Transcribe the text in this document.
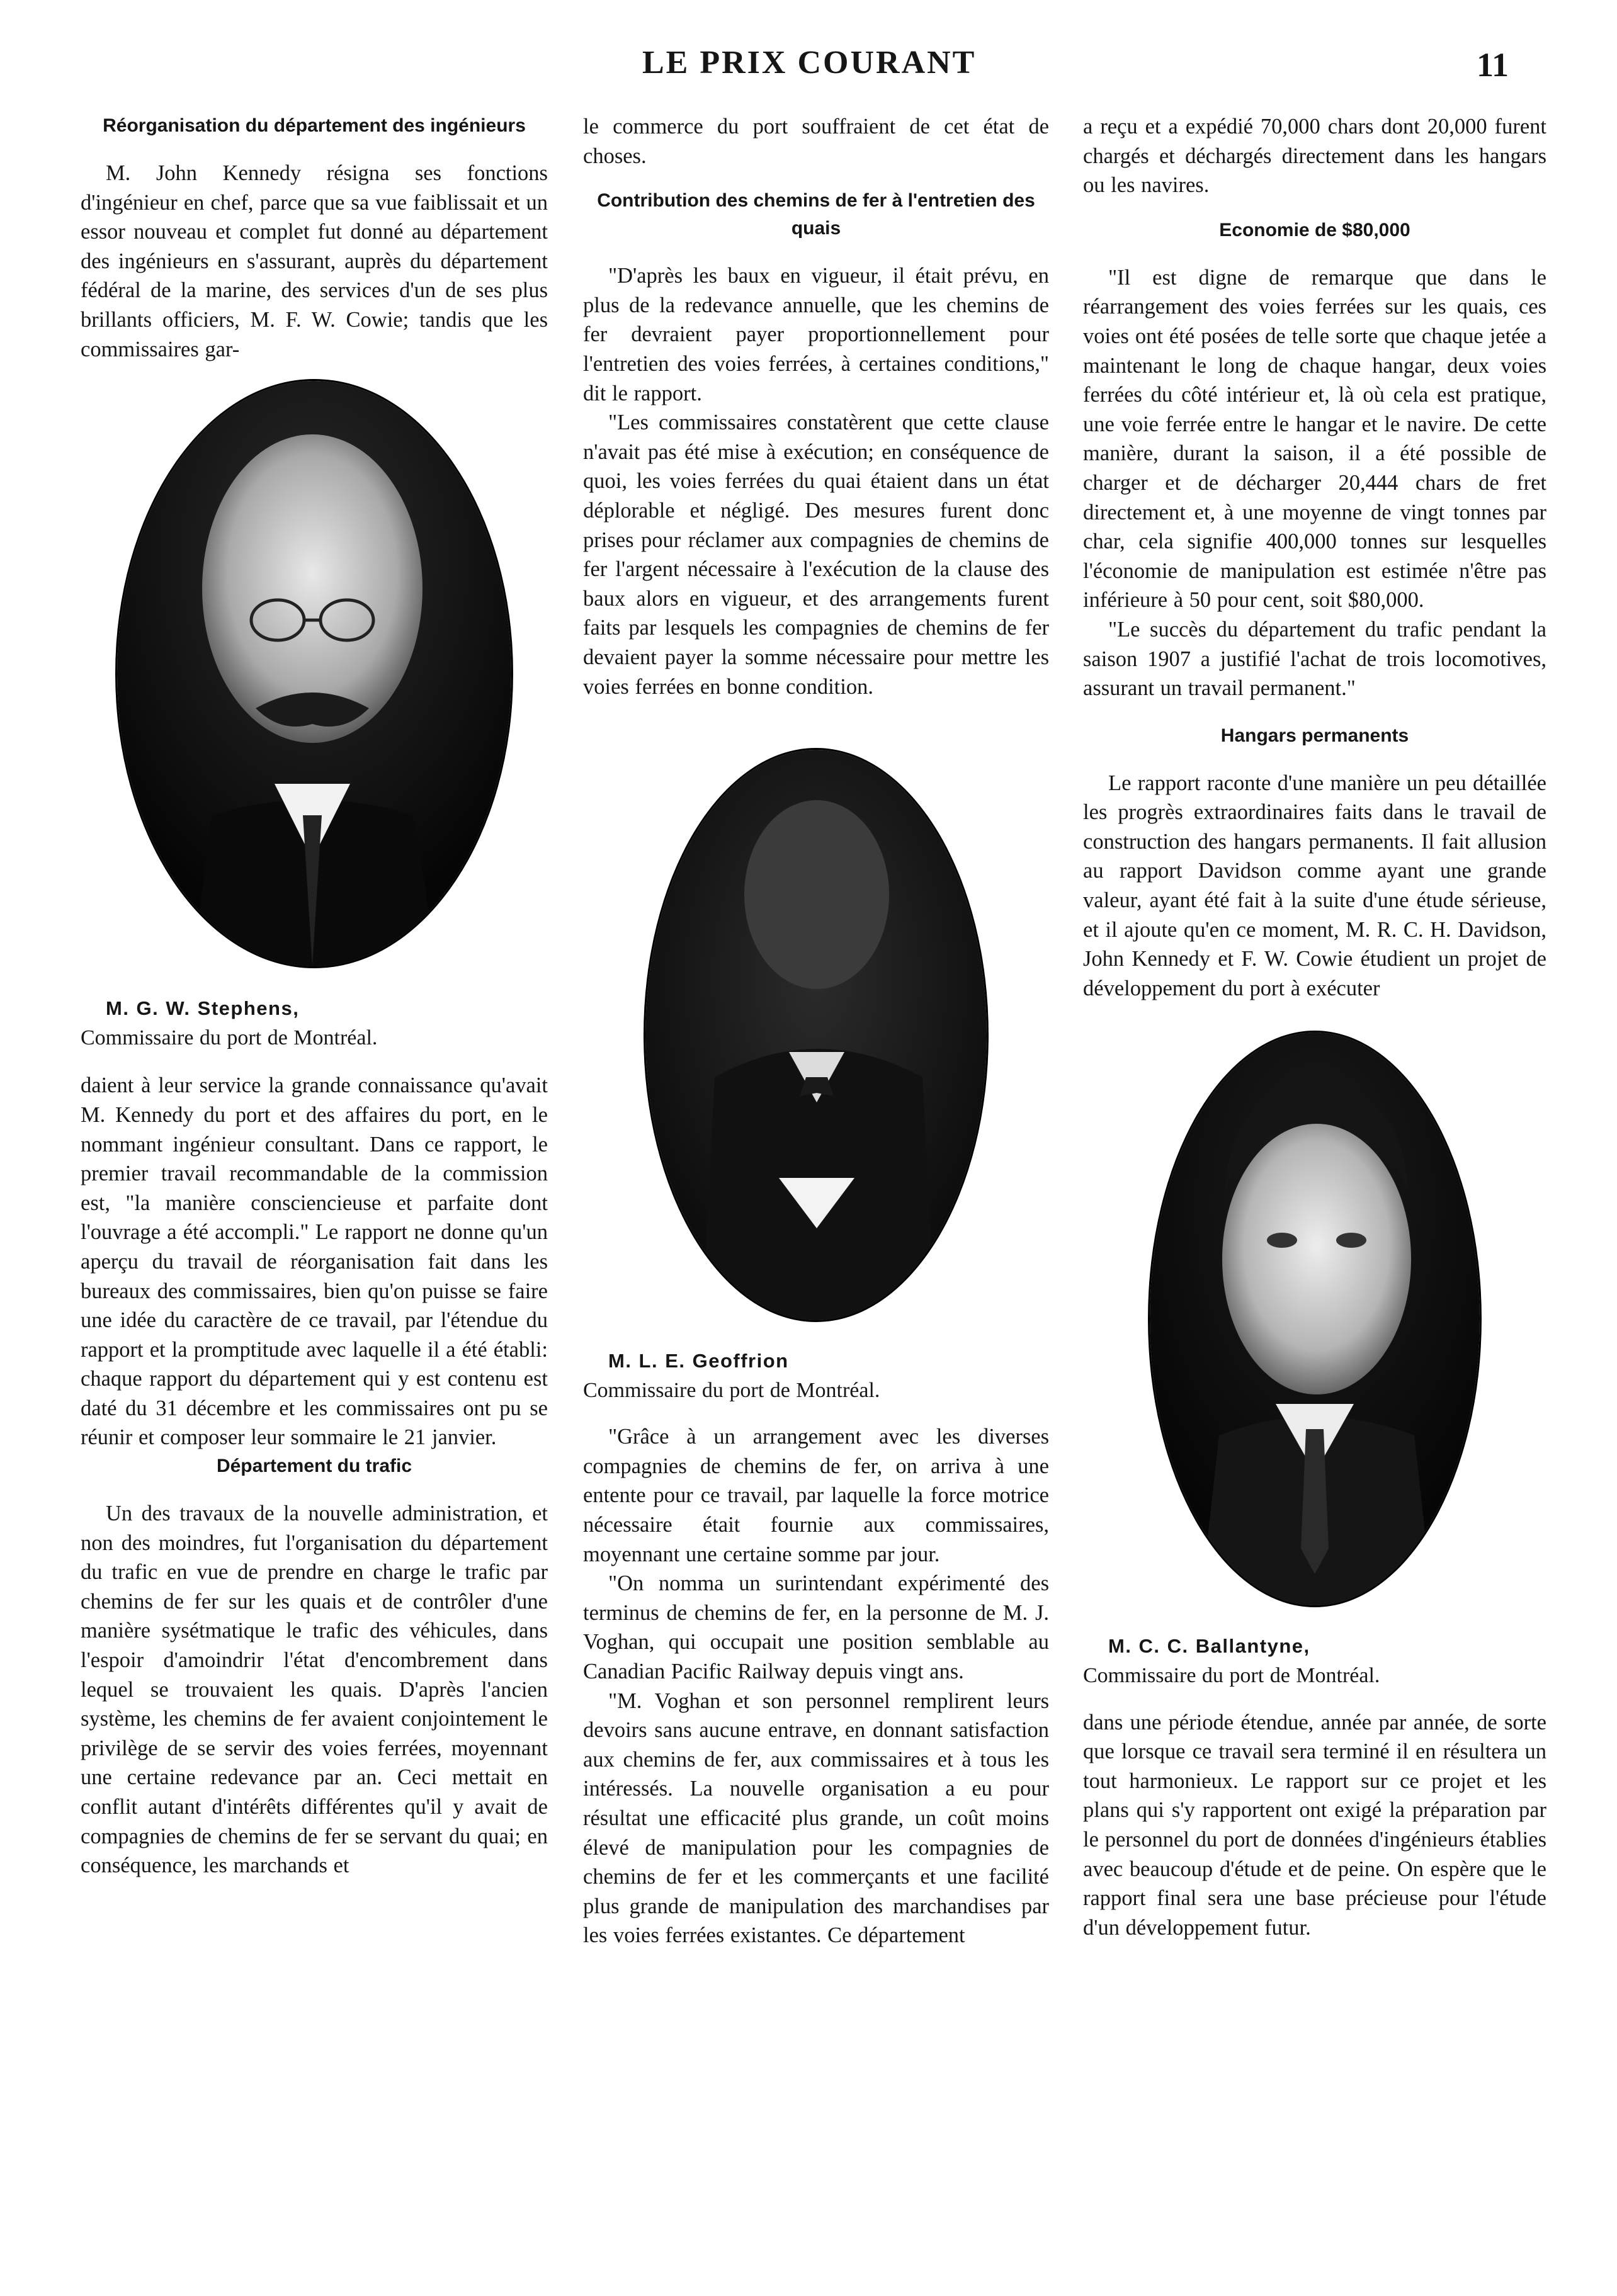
LE PRIX COURANT	11
Réorganisation du département des ingénieurs

M. John Kennedy résigna ses fonctions d'ingénieur en chef, parce que sa vue faiblissait et un essor nouveau et complet fut donné au département des ingénieurs en s'assurant, auprès du département fédéral de la marine, des services d'un de ses plus brillants officiers, M. F. W. Cowie; tandis que les commissaires gar-

M. G. W. Stephens,
Commissaire du port de Montréal.

daient à leur service la grande connaissance qu'avait M. Kennedy du port et des affaires du port, en le nommant ingénieur consultant. Dans ce rapport, le premier travail recommandable de la commission est, "la manière consciencieuse et parfaite dont l'ouvrage a été accompli." Le rapport ne donne qu'un aperçu du travail de réorganisation fait dans les bureaux des commissaires, bien qu'on puisse se faire une idée du caractère de ce travail, par l'étendue du rapport et la promptitude avec laquelle il a été établi: chaque rapport du département qui y est contenu est daté du 31 décembre et les commissaires ont pu se réunir et composer leur sommaire le 21 janvier.

Département du trafic

Un des travaux de la nouvelle administration, et non des moindres, fut l'organisation du département du trafic en vue de prendre en charge le trafic par chemins de fer sur les quais et de contrôler d'une manière sysétmatique le trafic des véhicules, dans l'espoir d'amoindrir l'état d'encombrement dans lequel se trouvaient les quais. D'après l'ancien système, les chemins de fer avaient conjointement le privilège de se servir des voies ferrées, moyennant une certaine redevance par an. Ceci mettait en conflit autant d'intérêts différentes qu'il y avait de compagnies de chemins de fer se servant du quai; en conséquence, les marchands et

le commerce du port souffraient de cet état de choses.

Contribution des chemins de fer à l'entretien des quais

"D'après les baux en vigueur, il était prévu, en plus de la redevance annuelle, que les chemins de fer devraient payer proportionnellement pour l'entretien des voies ferrées, à certaines conditions," dit le rapport.

"Les commissaires constatèrent que cette clause n'avait pas été mise à exécution; en conséquence de quoi, les voies ferrées du quai étaient dans un état déplorable et négligé. Des mesures furent donc prises pour réclamer aux compagnies de chemins de fer l'argent nécessaire à l'exécution de la clause des baux alors en vigueur, et des arrangements furent faits par lesquels les compagnies de chemins de fer devaient payer la somme nécessaire pour mettre les voies ferrées en bonne condition.

M. L. E. Geoffrion
Commissaire du port de Montréal.

"Grâce à un arrangement avec les diverses compagnies de chemins de fer, on arriva à une entente pour ce travail, par laquelle la force motrice nécessaire était fournie aux commissaires, moyennant une certaine somme par jour.

"On nomma un surintendant expérimenté des terminus de chemins de fer, en la personne de M. J. Voghan, qui occupait une position semblable au Canadian Pacific Railway depuis vingt ans.

"M. Voghan et son personnel remplirent leurs devoirs sans aucune entrave, en donnant satisfaction aux chemins de fer, aux commissaires et à tous les intéressés. La nouvelle organisation a eu pour résultat une efficacité plus grande, un coût moins élevé de manipulation pour les compagnies de chemins de fer et les commerçants et une facilité plus grande de manipulation des marchandises par les voies ferrées existantes. Ce département

a reçu et a expédié 70,000 chars dont 20,000 furent chargés et déchargés directement dans les hangars ou les navires.

Economie de $80,000

"Il est digne de remarque que dans le réarrangement des voies ferrées sur les quais, ces voies ont été posées de telle sorte que chaque jetée a maintenant le long de chaque hangar, deux voies ferrées du côté intérieur et, là où cela est pratique, une voie ferrée entre le hangar et le navire. De cette manière, durant la saison, il a été possible de charger et de décharger 20,444 chars de fret directement et, à une moyenne de vingt tonnes par char, cela signifie 400,000 tonnes sur lesquelles l'économie de manipulation est estimée n'être pas inférieure à 50 pour cent, soit $80,000.

"Le succès du département du trafic pendant la saison 1907 a justifié l'achat de trois locomotives, assurant un travail permanent."

Hangars permanents

Le rapport raconte d'une manière un peu détaillée les progrès extraordinaires faits dans le travail de construction des hangars permanents. Il fait allusion au rapport Davidson comme ayant une grande valeur, ayant été fait à la suite d'une étude sérieuse, et il ajoute qu'en ce moment, M. R. C. H. Davidson, John Kennedy et F. W. Cowie étudient un projet de développement du port à exécuter

M. C. C. Ballantyne,
Commissaire du port de Montréal.

dans une période étendue, année par année, de sorte que lorsque ce travail sera terminé il en résultera un tout harmonieux. Le rapport sur ce projet et les plans qui s'y rapportent ont exigé la préparation par le personnel du port de données d'ingénieurs établies avec beaucoup d'étude et de peine. On espère que le rapport final sera une base précieuse pour l'étude d'un développement futur.
